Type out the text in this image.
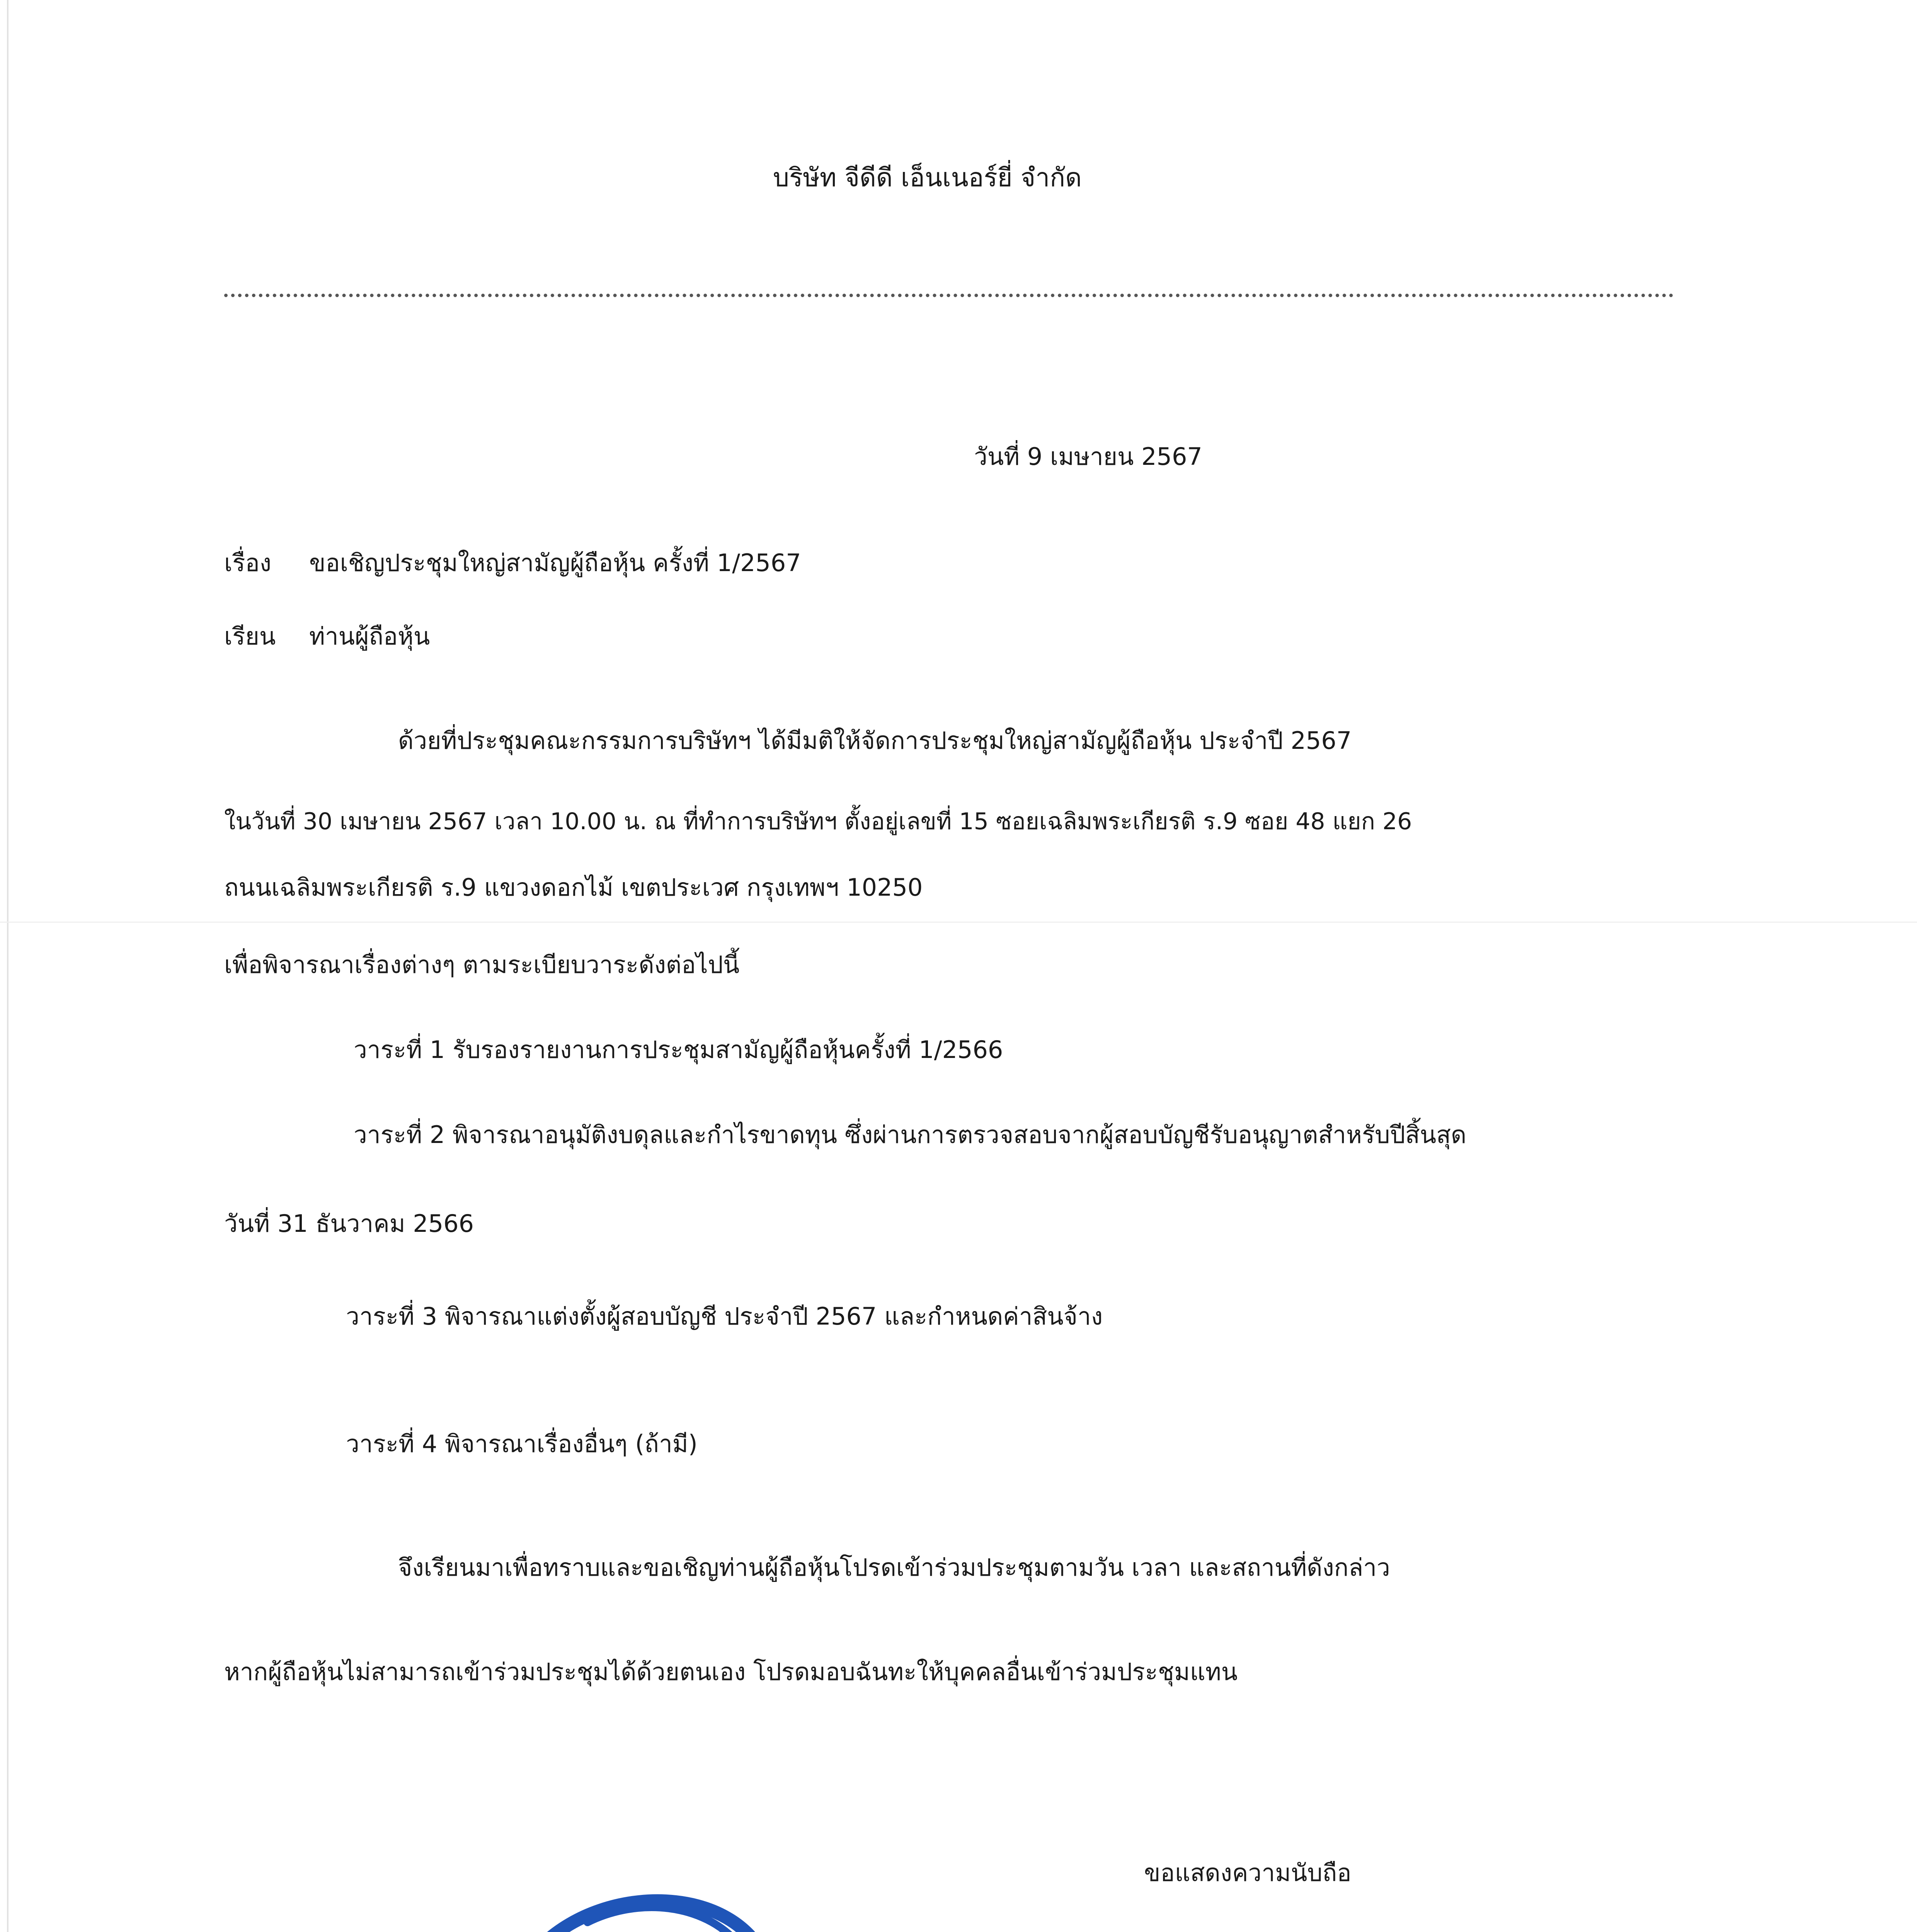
บริษัท จีดีดี เอ็นเนอร์ยี่ จำกัด
วันที่ 9 เมษายน 2567
เรื่อง ขอเชิญประชุมใหญ่สามัญผู้ถือหุ้น ครั้งที่ 1/2567
เรียน ท่านผู้ถือหุ้น
ด้วยที่ประชุมคณะกรรมการบริษัทฯ ได้มีมติให้จัดการประชุมใหญ่สามัญผู้ถือหุ้น ประจำปี 2567
ในวันที่ 30 เมษายน 2567 เวลา 10.00 น. ณ ที่ทำการบริษัทฯ ตั้งอยู่เลขที่ 15 ซอยเฉลิมพระเกียรติ ร.9 ซอย 48 แยก 26
ถนนเฉลิมพระเกียรติ ร.9 แขวงดอกไม้ เขตประเวศ กรุงเทพฯ 10250
เพื่อพิจารณาเรื่องต่างๆ ตามระเบียบวาระดังต่อไปนี้
วาระที่ 1 รับรองรายงานการประชุมสามัญผู้ถือหุ้นครั้งที่ 1/2566
วาระที่ 2 พิจารณาอนุมัติงบดุลและกำไรขาดทุน ซึ่งผ่านการตรวจสอบจากผู้สอบบัญชีรับอนุญาตสำหรับปีสิ้นสุด
วันที่ 31 ธันวาคม 2566
วาระที่ 3 พิจารณาแต่งตั้งผู้สอบบัญชี ประจำปี 2567 และกำหนดค่าสินจ้าง
วาระที่ 4 พิจารณาเรื่องอื่นๆ (ถ้ามี)
จึงเรียนมาเพื่อทราบและขอเชิญท่านผู้ถือหุ้นโปรดเข้าร่วมประชุมตามวัน เวลา และสถานที่ดังกล่าว
หากผู้ถือหุ้นไม่สามารถเข้าร่วมประชุมได้ด้วยตนเอง โปรดมอบฉันทะให้บุคคลอื่นเข้าร่วมประชุมแทน
ขอแสดงความนับถือ
